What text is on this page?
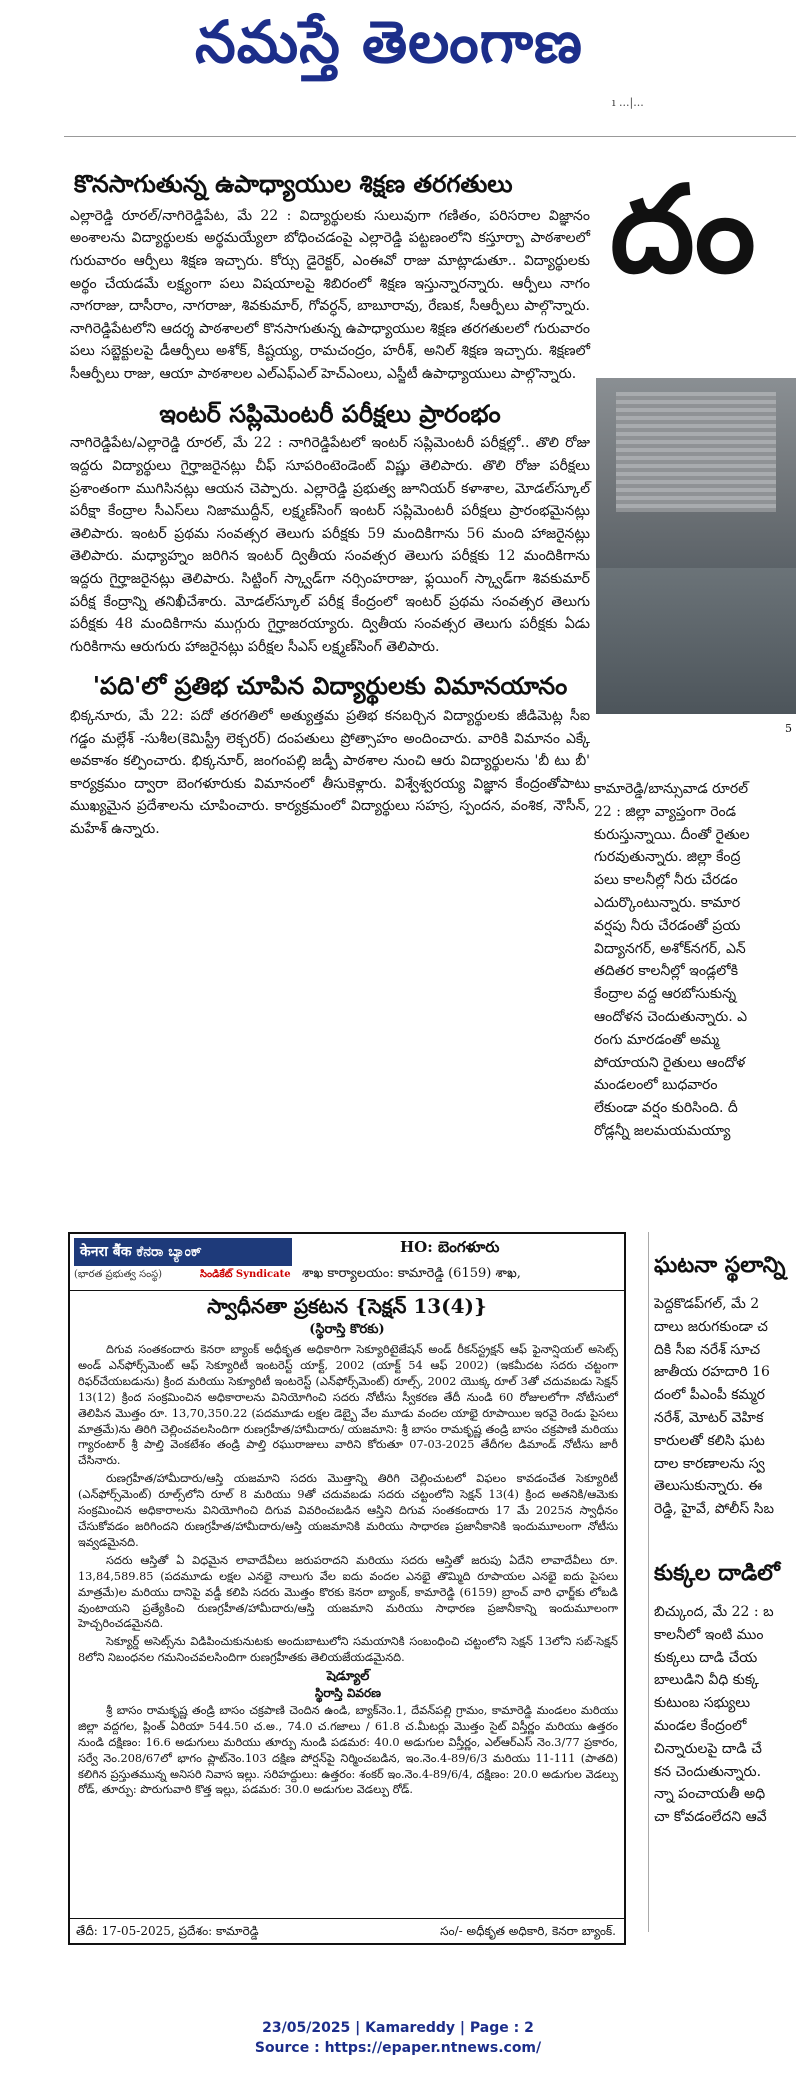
నమస్తే తెలంగాణ
ı ...|...
కొనసాగుతున్న ఉపాధ్యాయుల శిక్షణ తరగతులు

ఎల్లారెడ్డి రూరల్/నాగిరెడ్డిపేట, మే 22 : విద్యార్థులకు సులువుగా గణితం, పరిసరాల విజ్ఞానం అంశాలను విద్యార్థులకు అర్థమయ్యేలా బోధించడంపై ఎల్లారెడ్డి పట్టణంలోని కస్తూర్బా పాఠశాలలో గురువారం ఆర్పీలు శిక్షణ ఇచ్చారు. కోర్సు డైరెక్టర్, ఎంఈవో రాజు మాట్లాడుతూ.. విద్యార్థులకు అర్థం చేయడమే లక్ష్యంగా పలు విషయాలపై శిబిరంలో శిక్షణ ఇస్తున్నారన్నారు. ఆర్పీలు నాగం నాగరాజు, దాసీరాం, నాగరాజు, శివకుమార్, గోవర్ధన్, బాబూరావు, రేణుక, సీఆర్పీలు పాల్గొన్నారు. నాగిరెడ్డిపేటలోని ఆదర్శ పాఠశాలలో కొనసాగుతున్న ఉపాధ్యాయుల శిక్షణ తరగతులలో గురువారం పలు సబ్జెక్టులపై డీఆర్పీలు అశోక్, కిష్టయ్య, రామచంద్రం, హరీశ్, అనిల్ శిక్షణ ఇచ్చారు. శిక్షణలో సీఆర్పీలు రాజు, ఆయా పాఠశాలల ఎల్ఎఫ్ఎల్ హెచ్ఎంలు, ఎస్జీటీ ఉపాధ్యాయులు పాల్గొన్నారు.

ఇంటర్ సప్లిమెంటరీ పరీక్షలు ప్రారంభం

నాగిరెడ్డిపేట/ఎల్లారెడ్డి రూరల్, మే 22 : నాగిరెడ్డిపేటలో ఇంటర్ సప్లిమెంటరీ పరీక్షల్లో.. తొలి రోజు ఇద్దరు విద్యార్థులు గైర్హాజరైనట్లు చీఫ్ సూపరింటెండెంట్ విష్ణు తెలిపారు. తొలి రోజు పరీక్షలు ప్రశాంతంగా ముగిసినట్లు ఆయన చెప్పారు. ఎల్లారెడ్డి ప్రభుత్వ జూనియర్ కళాశాల, మోడల్‌స్కూల్ పరీక్షా కేంద్రాల సీఎస్‌లు నిజాముద్దీన్, లక్ష్మణ్‌సింగ్ ఇంటర్ సప్లిమెంటరీ పరీక్షలు ప్రారంభమైనట్లు తెలిపారు. ఇంటర్ ప్రథమ సంవత్సర తెలుగు పరీక్షకు 59 మందికిగాను 56 మంది హాజరైనట్లు తెలిపారు. మధ్యాహ్నం జరిగిన ఇంటర్ ద్వితీయ సంవత్సర తెలుగు పరీక్షకు 12 మందికిగాను ఇద్దరు గైర్హాజరైనట్లు తెలిపారు. సిట్టింగ్ స్క్వాడ్‌గా నర్సింహరాజు, ఫ్లయింగ్ స్క్వాడ్‌గా శివకుమార్ పరీక్ష కేంద్రాన్ని తనిఖీచేశారు. మోడల్‌స్కూల్ పరీక్ష కేంద్రంలో ఇంటర్ ప్రథమ సంవత్సర తెలుగు పరీక్షకు 48 మందికిగాను ముగ్గురు గైర్హాజరయ్యారు. ద్వితీయ సంవత్సర తెలుగు పరీక్షకు ఏడు గురికిగాను ఆరుగురు హాజరైనట్లు పరీక్షల సీఎస్ లక్ష్మణ్‌సింగ్ తెలిపారు.

'పది'లో ప్రతిభ చూపిన విద్యార్థులకు విమానయానం

భిక్కనూరు, మే 22: పదో తరగతిలో అత్యుత్తమ ప్రతిభ కనబర్చిన విద్యార్థులకు జీడిమెట్ల సీఐ గడ్డం మల్లేశ్ -సుశీల(కెమిస్ట్రీ లెక్చరర్) దంపతులు ప్రోత్సాహం అందించారు. వారికి విమానం ఎక్కే అవకాశం కల్పించారు. భిక్కనూర్, జంగంపల్లి జడ్పీ పాఠశాల నుంచి ఆరు విద్యార్థులను 'బీ టు బీ' కార్యక్రమం ద్వారా బెంగళూరుకు విమానంలో తీసుకెళ్లారు. విశ్వేశ్వరయ్య విజ్ఞాన కేంద్రంతోపాటు ముఖ్యమైన ప్రదేశాలను చూపించారు. కార్యక్రమంలో విద్యార్థులు సహస్ర, స్పందన, వంశిక, నౌసీన్, మహేశ్ ఉన్నారు.

దం
5
కామారెడ్డి/బాన్సువాడ రూరల్
22 : జిల్లా వ్యాప్తంగా రెండ
కురుస్తున్నాయి. దీంతో రైతుల
గురవుతున్నారు. జిల్లా కేంద్ర
పలు కాలనీల్లో నీరు చేరడం
ఎదుర్కొంటున్నారు. కామార
వర్షపు నీరు చేరడంతో ప్రయ
విద్యానగర్, అశోక్‌నగర్, ఎన్
తదితర కాలనీల్లో ఇండ్లలోకి
కేంద్రాల వద్ద ఆరబోసుకున్న
ఆందోళన చెందుతున్నారు. ఎ
రంగు మారడంతో అమ్మ
పోయాయని రైతులు ఆందోళ
మండలంలో బుధవారం
లేకుండా వర్షం కురిసింది. దీ
రోడ్లన్నీ జలమయమయ్యా
ఘటనా స్థలాన్ని
పెద్దకొడప్‌గల్, మే 2
దాలు జరుగకుండా చ
దికి సీఐ నరేశ్ సూచ
జాతీయ రహదారి 16
దంలో పీఎంపీ కమ్మర
నరేశ్, మోటర్ వెహిక
కారులతో కలిసి ఘట
దాల కారణాలను స్వ
తెలుసుకున్నారు. ఈ
రెడ్డి, హైవే, పోలీస్ సిబ
కుక్కల దాడిలో
బిచ్కుంద, మే 22 : బ
కాలనీలో ఇంటి ముం
కుక్కలు దాడి చేయ
బాలుడిని వీధి కుక్క
కుటుంబ సభ్యులు
మండల కేంద్రంలో
చిన్నారులపై దాడి చే
కన చెందుతున్నారు.
న్నా పంచాయతీ అధి
చా కోవడంలేదని ఆవే
केनरा बैंक ಕೆನರಾ ಬ್ಯಾಂಕ್
(భారత ప్రభుత్వ సంస్థ)	సిండికేట్ Syndicate
HO: బెంగళూరు
శాఖ కార్యాలయం: కామారెడ్డి (6159) శాఖ,
స్వాధీనతా ప్రకటన {సెక్షన్ 13(4)}
(స్థిరాస్తి కొరకు)

దిగువ సంతకందారు కెనరా బ్యాంక్ అధీకృత అధికారిగా సెక్యూరిటైజేషన్ అండ్ రీకన్‌స్ట్రక్షన్ ఆఫ్ ఫైనాన్షియల్ అసెట్స్ అండ్ ఎన్‌ఫోర్స్‌మెంట్ ఆఫ్ సెక్యూరిటీ ఇంటరెస్ట్ యాక్ట్, 2002 (యాక్ట్ 54 ఆఫ్ 2002) (ఇకమీదట సదరు చట్టంగా రిఫర్‌చేయబడును) క్రింద మరియు సెక్యూరిటీ ఇంటరెస్ట్ (ఎన్‌ఫోర్స్‌మెంట్) రూల్స్, 2002 యొక్క రూల్ 3తో చదువబడు సెక్షన్ 13(12) క్రింద సంక్రమించిన అధికారాలను వినియోగించి సదరు నోటీసు స్వీకరణ తేదీ నుండి 60 రోజులలోగా నోటీసులో తెలిపిన మొత్తం రూ. 13,70,350.22 (పదమూడు లక్షల డెబ్బై వేల మూడు వందల యాభై రూపాయిల ఇరవై రెండు పైసలు మాత్రమే)ను తిరిగి చెల్లించవలసిందిగా రుణగ్రహీత/హామీదారు/ యజమాని: శ్రీ బాసం రామకృష్ణ తండ్రి బాసం చక్రపాణి మరియు గ్యారంటార్ శ్రీ పాల్తి వెంకటేశం తండ్రి పాల్తి రఘురాజులు వారిని కోరుతూ 07-03-2025 తేదీగల డిమాండ్ నోటీసు జారీ చేసినారు.

రుణగ్రహీత/హామీదారు/ఆస్తి యజమాని సదరు మొత్తాన్ని తిరిగి చెల్లించుటలో విఫలం కావడంచేత సెక్యూరిటీ (ఎన్‌ఫోర్స్‌మెంట్) రూల్స్‌లోని రూల్ 8 మరియు 9తో చదువబడు సదరు చట్టంలోని సెక్షన్ 13(4) క్రింద అతనికి/ఆమెకు సంక్రమించిన అధికారాలను వినియోగించి దిగువ వివరించబడిన ఆస్తిని దిగువ సంతకందారు 17 మే 2025న స్వాధీనం చేసుకోవడం జరిగిందని రుణగ్రహీత/హామీదారు/ఆస్తి యజమానికి మరియు సాధారణ ప్రజానీకానికి ఇందుమూలంగా నోటీసు ఇవ్వడమైనది.

సదరు ఆస్తితో ఏ విధమైన లావాదేవీలు జరుపరాదని మరియు సదరు ఆస్తితో జరుపు ఏదేని లావాదేవీలు రూ. 13,84,589.85 (పదమూడు లక్షల ఎనభై నాలుగు వేల ఐదు వందల ఎనభై తొమ్మిది రూపాయల ఎనభై ఐదు పైసలు మాత్రమే)ల మరియు దానిపై వడ్డీ కలిపి సదరు మొత్తం కొరకు కెనరా బ్యాంక్, కామారెడ్డి (6159) బ్రాంచ్ వారి ఛార్జ్‌కు లోబడి వుంటాయని ప్రత్యేకించి రుణగ్రహీత/హామీదారు/ఆస్తి యజమాని మరియు సాధారణ ప్రజానీకాన్ని ఇందుమూలంగా హెచ్చరించడమైనది.

సెక్యూర్డ్ అసెట్స్‌ను విడిపించుకునుటకు అందుబాటులోని సమయానికి సంబంధించి చట్టంలోని సెక్షన్ 13లోని సబ్-సెక్షన్ 8లోని నిబంధనల గమనించవలసిందిగా రుణగ్రహీతకు తెలియజేయడమైనది.

షెడ్యూల్
స్థిరాస్తి వివరణ

శ్రీ బాసం రామకృష్ణ తండ్రి బాసం చక్రపాణి చెందిన ఉండి, బ్యాక్‌నెం.1, దేవన్‌పల్లి గ్రామం, కామారెడ్డి మండలం మరియు జిల్లా వద్దగల, ప్లింత్ ఏరియా 544.50 చ.అ., 74.0 చ.గజాలు / 61.8 చ.మీటర్లు మొత్తం సైట్ విస్తీర్ణం మరియు ఉత్తరం నుండి దక్షిణం: 16.6 అడుగులు మరియు తూర్పు నుండి పడమర: 40.0 అడుగుల విస్తీర్ణం, ఎల్ఆర్ఎస్ నెం.3/77 ప్రకారం, సర్వే నెం.208/67లో భాగం ప్లాట్‌నెం.103 దక్షిణ పోర్షన్‌పై నిర్మించబడిన, ఇం.నెం.4-89/6/3 మరియు 11-111 (పాతది) కలిగిన ప్రస్తుతమున్న అనిసరి నివాస ఇల్లు. సరిహద్దులు: ఉత్తరం: శంకర్ ఇం.నెం.4-89/6/4, దక్షిణం: 20.0 అడుగుల వెడల్పు రోడ్, తూర్పు: పొరుగువారి కొత్త ఇల్లు, పడమర: 30.0 అడుగుల వెడల్పు రోడ్.

తేదీ: 17-05-2025, ప్రదేశం: కామారెడ్డి	సం/- అధీకృత అధికారి, కెనరా బ్యాంక్.
23/05/2025 | Kamareddy | Page : 2
Source : https://epaper.ntnews.com/
